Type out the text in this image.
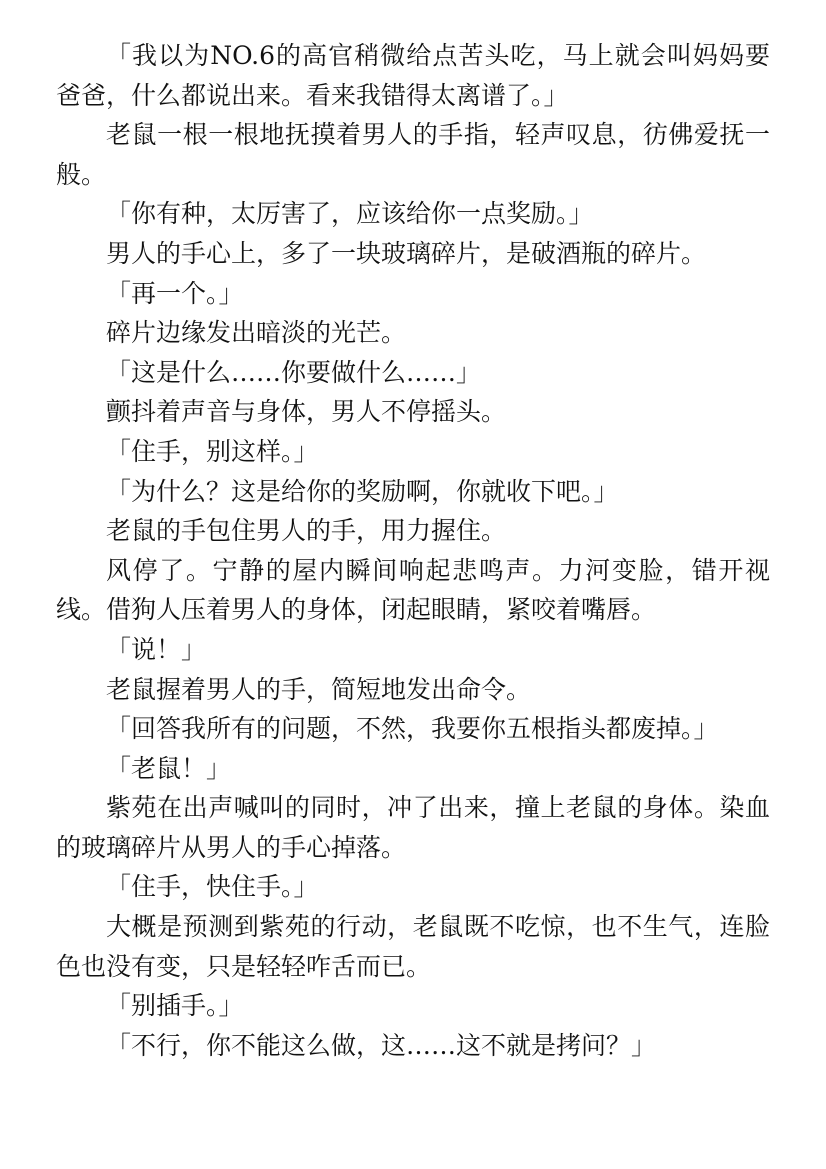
「我以为NO.6的高官稍微给点苦头吃，马上就会叫妈妈要爸爸，什么都说出来。看来我错得太离谱了。」

老鼠一根一根地抚摸着男人的手指，轻声叹息，彷佛爱抚一般。

「你有种，太厉害了，应该给你一点奖励。」

男人的手心上，多了一块玻璃碎片，是破酒瓶的碎片。

「再一个。」

碎片边缘发出暗淡的光芒。

「这是什么……你要做什么……」

颤抖着声音与身体，男人不停摇头。

「住手，别这样。」

「为什么？这是给你的奖励啊，你就收下吧。」

老鼠的手包住男人的手，用力握住。

风停了。宁静的屋内瞬间响起悲鸣声。力河变脸，错开视线。借狗人压着男人的身体，闭起眼睛，紧咬着嘴唇。

「说！」

老鼠握着男人的手，简短地发出命令。

「回答我所有的问题，不然，我要你五根指头都废掉。」

「老鼠！」

紫苑在出声喊叫的同时，冲了出来，撞上老鼠的身体。染血的玻璃碎片从男人的手心掉落。

「住手，快住手。」

大概是预测到紫苑的行动，老鼠既不吃惊，也不生气，连脸色也没有变，只是轻轻咋舌而已。

「别插手。」

「不行，你不能这么做，这……这不就是拷问？」
